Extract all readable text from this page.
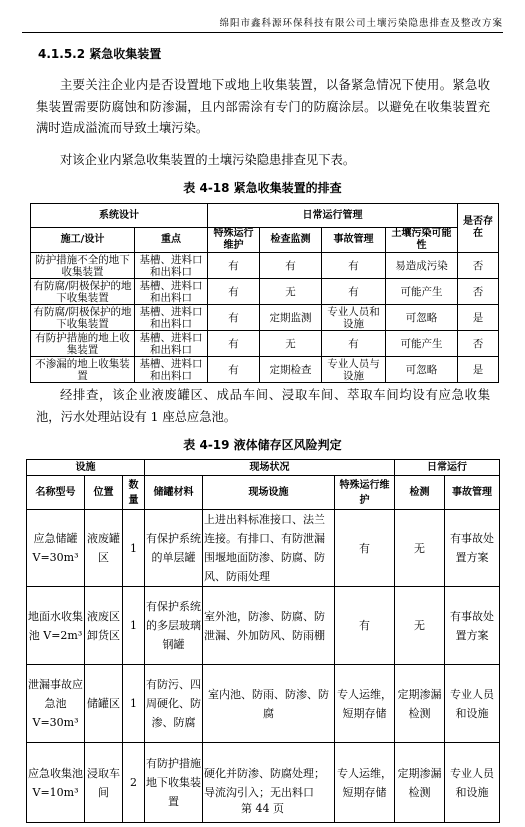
绵阳市鑫科源环保科技有限公司土壤污染隐患排查及整改方案
4.1.5.2 紧急收集装置
主要关注企业内是否设置地下或地上收集装置，以备紧急情况下使用。紧急收集装置需要防腐蚀和防渗漏，且内部需涂有专门的防腐涂层。以避免在收集装置充满时造成溢流而导致土壤污染。
对该企业内紧急收集装置的土壤污染隐患排查见下表。
表 4-18 紧急收集装置的排查
系统设计		日常运行管理				是否存在
施工/设计	重点	特殊运行维护	检查监测	事故管理	土壤污染可能性	
防护措施不全的地下收集装置	基槽、进料口和出料口	有	有	有	易造成污染	否
有防腐/阴极保护的地下收集装置	基槽、进料口和出料口	有	无	有	可能产生	否
有防腐/阴极保护的地下收集装置	基槽、进料口和出料口	有	定期监测	专业人员和设施	可忽略	是
有防护措施的地上收集装置	基槽、进料口和出料口	有	无	有	可能产生	否
不渗漏的地上收集装置	基槽、进料口和出料口	有	定期检查	专业人员与设施	可忽略	是
经排查，该企业液废罐区、成品车间、浸取车间、萃取车间均设有应急收集池，污水处理站设有 1 座总应急池。
表 4-19 液体储存区风险判定
设施			现场状况			日常运行	
名称型号	位置	数量	储罐材料	现场设施	特殊运行维护	检测	事故管理
应急储罐 V=30m³	液废罐区	1	有保护系统的单层罐	上进出料标准接口、法兰连接。有排口、有防泄漏围堰地面防渗、防腐、防风、防雨处理	有	无	有事故处置方案
地面水收集池 V=2m³	液废区卸货区	1	有保护系统的多层玻璃钢罐	室外池，防渗、防腐、防泄漏、外加防风、防雨棚	有	无	有事故处置方案
泄漏事故应急池 V=30m³	储罐区	1	有防污、四周硬化、防渗、防腐	室内池、防雨、防渗、防腐	专人运维，短期存储	定期渗漏检测	专业人员和设施
应急收集池 V=10m³	浸取车间	2	有防护措施地下收集装置	硬化并防渗、防腐处理；导流沟引入；无出料口	专人运维，短期存储	定期渗漏检测	专业人员和设施
第 44 页
